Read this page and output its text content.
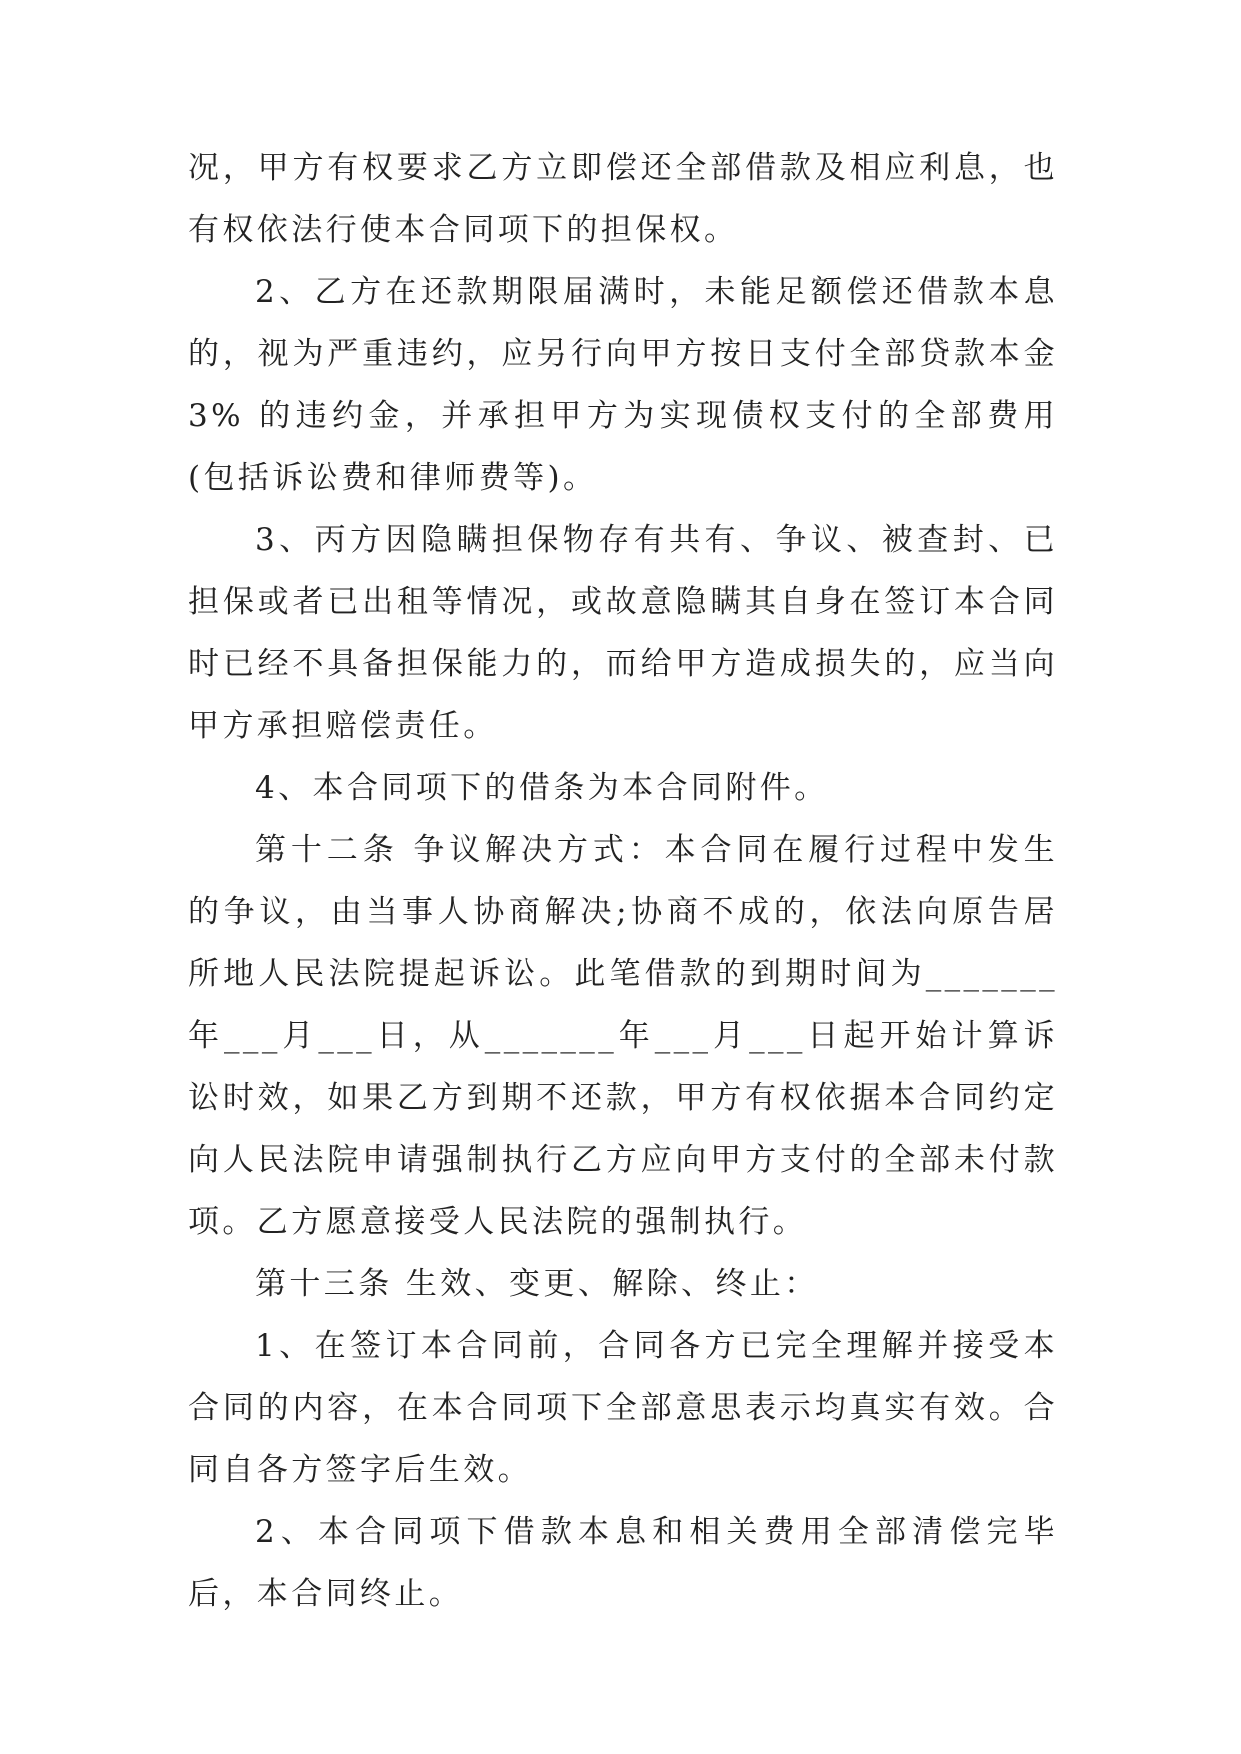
况，甲方有权要求乙方立即偿还全部借款及相应利息，也有权依法行使本合同项下的担保权。

2、乙方在还款期限届满时，未能足额偿还借款本息的，视为严重违约，应另行向甲方按日支付全部贷款本金 3% 的违约金，并承担甲方为实现债权支付的全部费用(包括诉讼费和律师费等)。

3、丙方因隐瞒担保物存有共有、争议、被查封、已担保或者已出租等情况，或故意隐瞒其自身在签订本合同时已经不具备担保能力的，而给甲方造成损失的，应当向甲方承担赔偿责任。

4、本合同项下的借条为本合同附件。

第十二条 争议解决方式：本合同在履行过程中发生的争议，由当事人协商解决;协商不成的，依法向原告居所地人民法院提起诉讼。此笔借款的到期时间为_______年___月___日，从_______年___月___日起开始计算诉讼时效，如果乙方到期不还款，甲方有权依据本合同约定向人民法院申请强制执行乙方应向甲方支付的全部未付款项。乙方愿意接受人民法院的强制执行。

第十三条 生效、变更、解除、终止：

1、在签订本合同前，合同各方已完全理解并接受本合同的内容，在本合同项下全部意思表示均真实有效。合同自各方签字后生效。

2、本合同项下借款本息和相关费用全部清偿完毕后，本合同终止。
